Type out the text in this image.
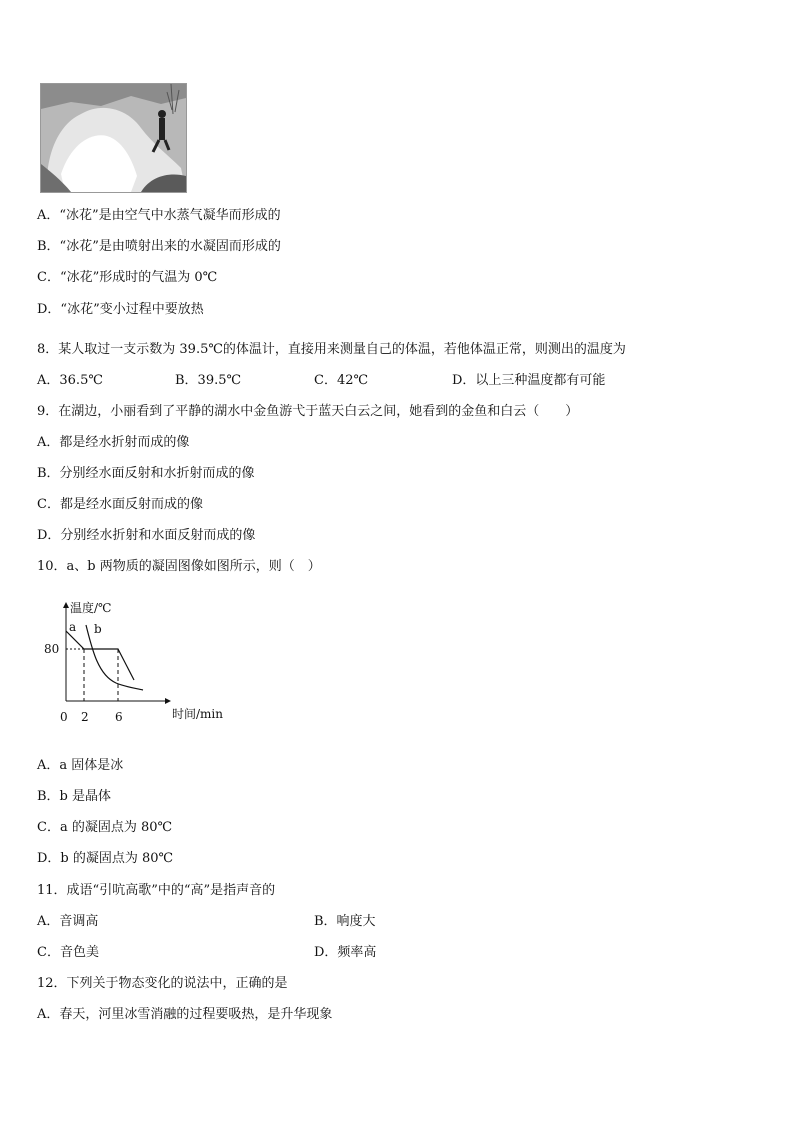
A．“冰花”是由空气中水蒸气凝华而形成的
B．“冰花”是由喷射出来的水凝固而形成的
C．“冰花”形成时的气温为 0℃
D．“冰花”变小过程中要放热
8．某人取过一支示数为 39.5℃的体温计，直接用来测量自己的体温，若他体温正常，则测出的温度为
A．36.5℃	B．39.5℃	C．42℃	D．以上三种温度都有可能
9．在湖边，小丽看到了平静的湖水中金鱼游弋于蓝天白云之间，她看到的金鱼和白云（　　）
A．都是经水折射而成的像
B．分别经水面反射和水折射而成的像
C．都是经水面反射而成的像
D．分别经水折射和水面反射而成的像
10．a、b 两物质的凝固图像如图所示，则（　）
温度/℃
时间/min
80
0 2 6
a b
A．a 固体是冰
B．b 是晶体
C．a 的凝固点为 80℃
D．b 的凝固点为 80℃
11．成语“引吭高歌”中的“高”是指声音的
A．音调高	B．响度大
C．音色美	D．频率高
12．下列关于物态变化的说法中，正确的是
A．春天，河里冰雪消融的过程要吸热，是升华现象
